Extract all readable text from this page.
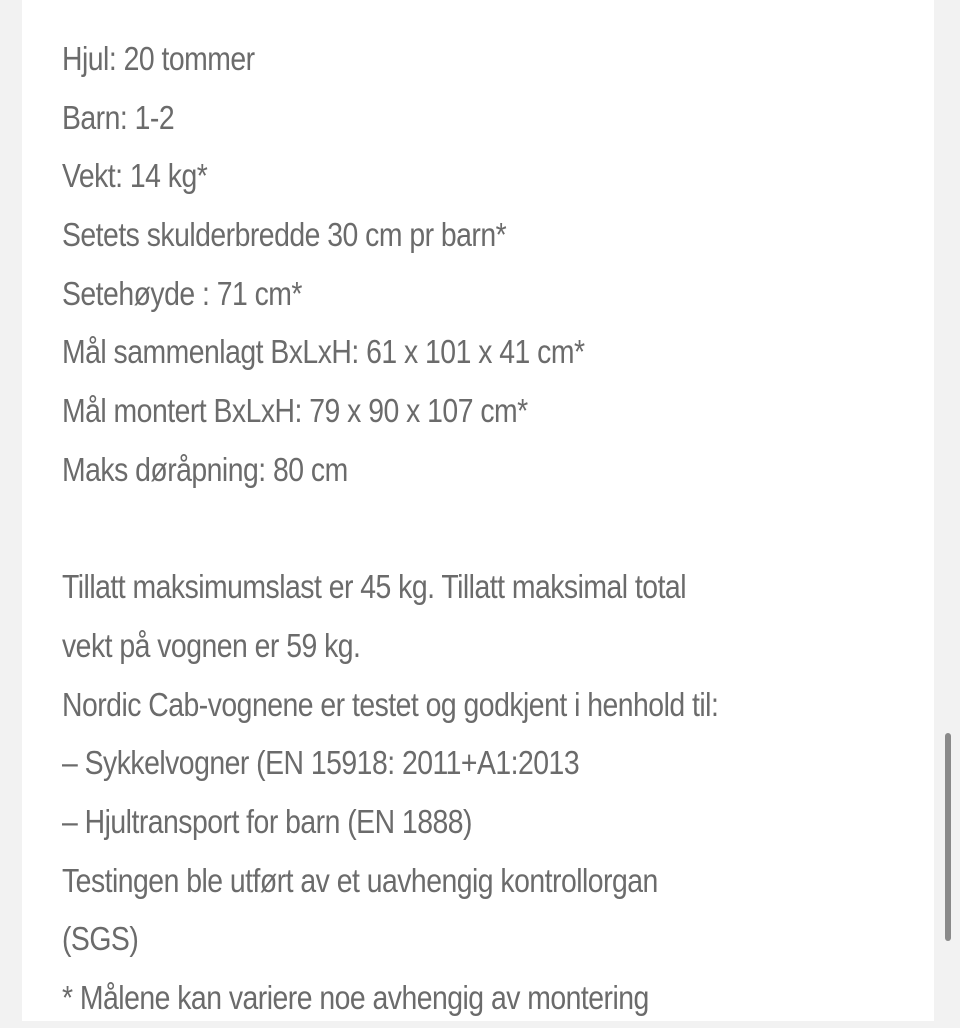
Hjul: 20 tommer
Barn: 1-2
Vekt: 14 kg*
Setets skulderbredde 30 cm pr barn*
Setehøyde : 71 cm*
Mål sammenlagt BxLxH: 61 x 101 x 41 cm*
Mål montert BxLxH: 79 x 90 x 107 cm*
Maks døråpning: 80 cm
Tillatt maksimumslast er 45 kg. Tillatt maksimal total
vekt på vognen er 59 kg.
Nordic Cab-vognene er testet og godkjent i henhold til:
– Sykkelvogner (EN 15918: 2011+A1:2013
– Hjultransport for barn (EN 1888)
Testingen ble utført av et uavhengig kontrollorgan
(SGS)
* Målene kan variere noe avhengig av montering
